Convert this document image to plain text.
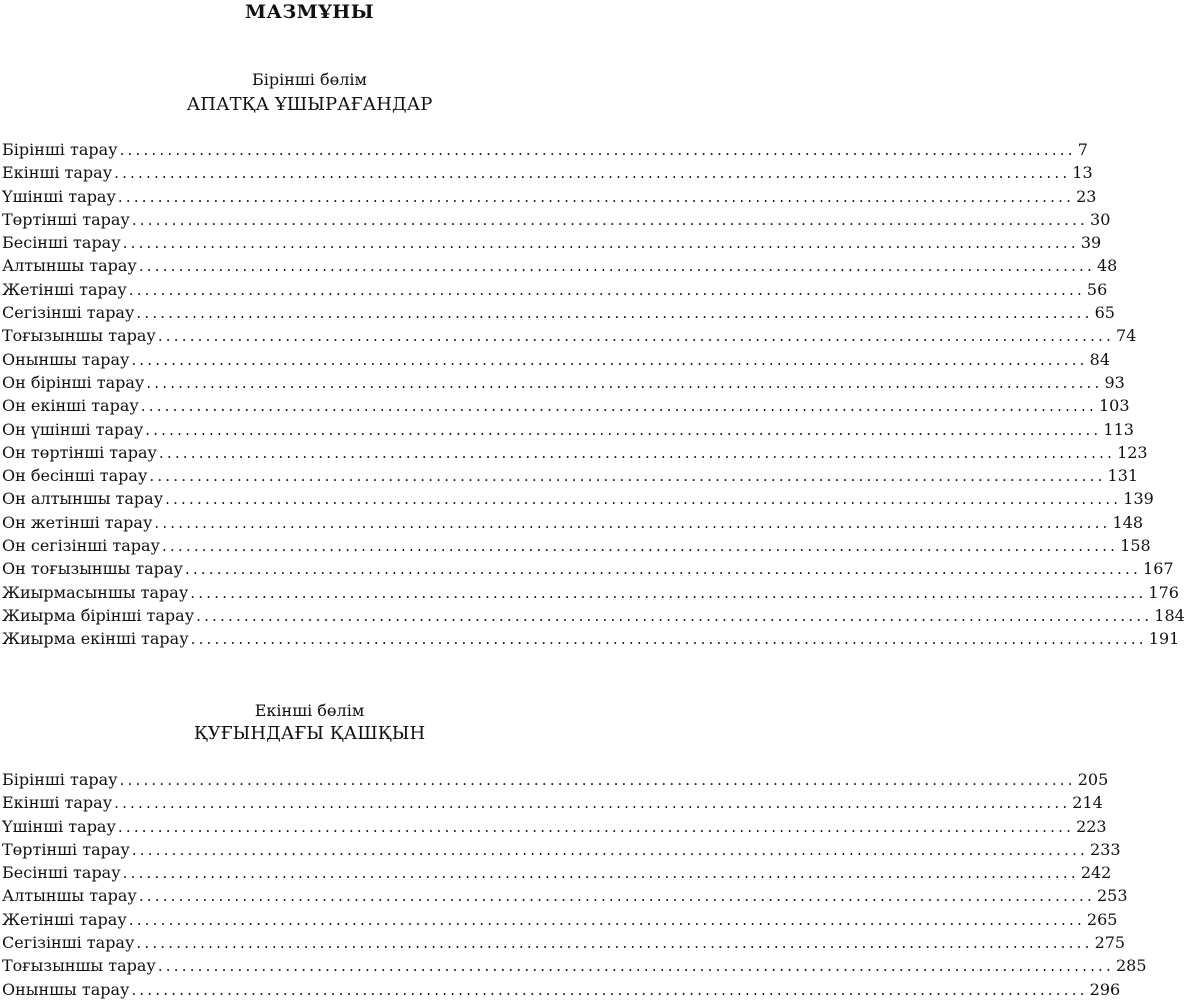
МАЗМҰНЫ
Бірінші бөлім
АПАТҚА ҰШЫРАҒАНДАР
Бірінші тарау ........................................................................................................................ 7
Екінші тарау ........................................................................................................................ 13
Үшінші тарау ........................................................................................................................ 23
Төртінші тарау ........................................................................................................................ 30
Бесінші тарау ........................................................................................................................ 39
Алтыншы тарау ........................................................................................................................ 48
Жетінші тарау ........................................................................................................................ 56
Сегізінші тарау ........................................................................................................................ 65
Тоғызыншы тарау ........................................................................................................................ 74
Оныншы тарау ........................................................................................................................ 84
Он бірінші тарау ........................................................................................................................ 93
Он екінші тарау ........................................................................................................................ 103
Он үшінші тарау ........................................................................................................................ 113
Он төртінші тарау ........................................................................................................................ 123
Он бесінші тарау ........................................................................................................................ 131
Он алтыншы тарау ........................................................................................................................ 139
Он жетінші тарау ........................................................................................................................ 148
Он сегізінші тарау ........................................................................................................................ 158
Он тоғызыншы тарау ........................................................................................................................ 167
Жиырмасыншы тарау ........................................................................................................................ 176
Жиырма бірінші тарау ........................................................................................................................ 184
Жиырма екінші тарау ........................................................................................................................ 191
Екінші бөлім
ҚУҒЫНДАҒЫ ҚАШҚЫН
Бірінші тарау ........................................................................................................................ 205
Екінші тарау ........................................................................................................................ 214
Үшінші тарау ........................................................................................................................ 223
Төртінші тарау ........................................................................................................................ 233
Бесінші тарау ........................................................................................................................ 242
Алтыншы тарау ........................................................................................................................ 253
Жетінші тарау ........................................................................................................................ 265
Сегізінші тарау ........................................................................................................................ 275
Тоғызыншы тарау ........................................................................................................................ 285
Оныншы тарау ........................................................................................................................ 296
